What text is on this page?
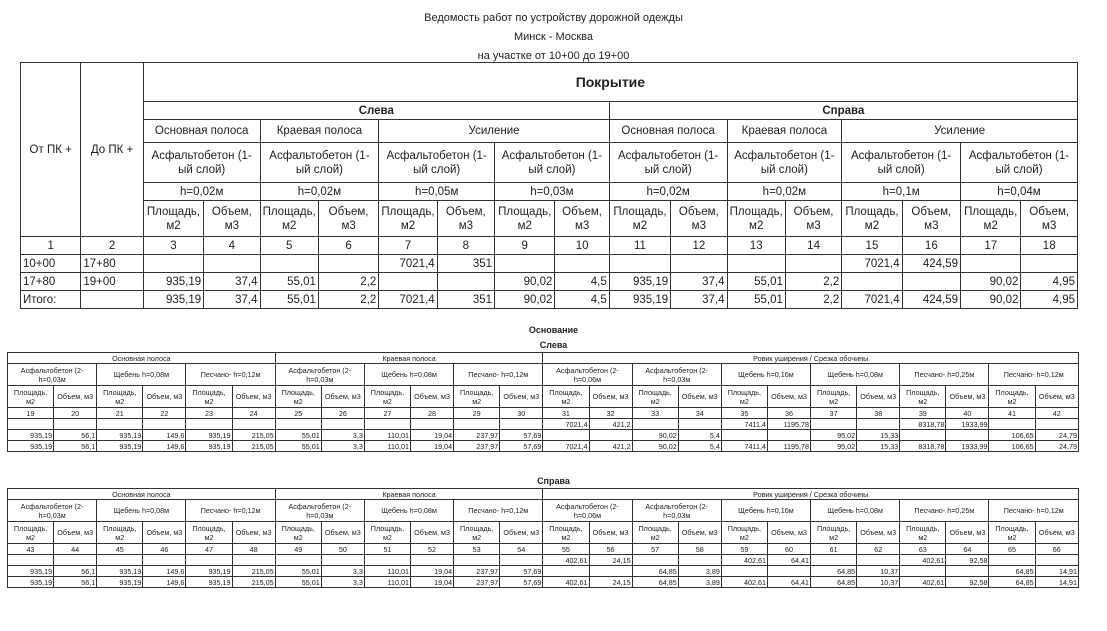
Ведомость работ по устройству дорожной одежды
Минск - Москва
на участке от 10+00 до 19+00
От ПК +	До ПК +	Покрытие															
		Слева								Справа							
		Основная полоса		Краевая полоса		Усиление				Основная полоса		Краевая полоса		Усиление			
		Асфальтобетон (1-ый слой)		Асфальтобетон (1-ый слой)		Асфальтобетон (1-ый слой)		Асфальтобетон (1-ый слой)		Асфальтобетон (1-ый слой)		Асфальтобетон (1-ый слой)		Асфальтобетон (1-ый слой)		Асфальтобетон (1-ый слой)	
		h=0,02м		h=0,02м		h=0,05м		h=0,03м		h=0,02м		h=0,02м		h=0,1м		h=0,04м	
		Площадь, м2	Объем, м3	Площадь, м2	Объем, м3	Площадь, м2	Объем, м3	Площадь, м2	Объем, м3	Площадь, м2	Объем, м3	Площадь, м2	Объем, м3	Площадь, м2	Объем, м3	Площадь, м2	Объем, м3
1	2	3	4	5	6	7	8	9	10	11	12	13	14	15	16	17	18
10+00	17+80					7021,4	351							7021,4	424,59		
17+80	19+00	935,19	37,4	55,01	2,2			90,02	4,5	935,19	37,4	55,01	2,2			90,02	4,95
Итого:		935,19	37,4	55,01	2,2	7021,4	351	90,02	4,5	935,19	37,4	55,01	2,2	7021,4	424,59	90,02	4,95
Основание
Слева
Основная полоса						Краевая полоса						Ровик уширения / Срезка обочины											
Асфальтобетон (2-h=0,03м		Щебень h=0,08м		Песчано- h=0,12м		Асфальтобетон (2- h=0,03м		Щебень h=0,08м		Песчано- h=0,12м		Асфальтобетон (2- h=0,06м		Асфальтобетон (2- h=0,03м		Щебень h=0,16м		Щебень h=0,08м		Песчано- h=0,25м		Песчано- h=0,12м	
Площадь, м2	Объем, м3	Площадь, м2	Объем, м3	Площадь, м2	Объем, м3	Площадь, м2	Объем, м3	Площадь, м2	Объем, м3	Площадь, м2	Объем, м3	Площадь, м2	Объем, м3	Площадь, м2	Объем, м3	Площадь, м2	Объем, м3	Площадь, м2	Объем, м3	Площадь, м2	Объем, м3	Площадь, м2	Объем, м3
19	20	21	22	23	24	25	26	27	28	29	30	31	32	33	34	35	36	37	38	39	40	41	42
												7021,4	421,2			7411,4	1195,78			8318,78	1933,99		
935,19	56,1	935,19	149,6	935,19	215,05	55,01	3,3	110,01	19,04	237,97	57,69			90,02	5,4			95,02	15,33			106,65	24,79
935,19	56,1	935,19	149,6	935,19	215,05	55,01	3,3	110,01	19,04	237,97	57,69	7021,4	421,2	90,02	5,4	7411,4	1195,78	95,02	15,33	8318,78	1933,99	106,65	24,79
Справа
Основная полоса						Краевая полоса						Ровик уширения / Срезка обочины											
Асфальтобетон (2-h=0,03м		Щебень h=0,08м		Песчано- h=0,12м		Асфальтобетон (2- h=0,03м		Щебень h=0,08м		Песчано- h=0,12м		Асфальтобетон (2- h=0,06м		Асфальтобетон (2- h=0,03м		Щебень h=0,16м		Щебень h=0,08м		Песчано- h=0,25м		Песчано- h=0,12м	
Площадь, м2	Объем, м3	Площадь, м2	Объем, м3	Площадь, м2	Объем, м3	Площадь, м2	Объем, м3	Площадь, м2	Объем, м3	Площадь, м2	Объем, м3	Площадь, м2	Объем, м3	Площадь, м2	Объем, м3	Площадь, м2	Объем, м3	Площадь, м2	Объем, м3	Площадь, м2	Объем, м3	Площадь, м2	Объем, м3
43	44	45	46	47	48	49	50	51	52	53	54	55	56	57	58	59	60	61	62	63	64	65	66
												402,61	24,15			402,61	64,41			402,61	92,58		
935,19	56,1	935,19	149,6	935,19	215,05	55,01	3,3	110,01	19,04	237,97	57,69			64,85	3,89			64,85	10,37			64,85	14,91
935,19	56,1	935,19	149,6	935,19	215,05	55,01	3,3	110,01	19,04	237,97	57,69	402,61	24,15	64,85	3,89	402,61	64,41	64,85	10,37	402,61	92,58	64,85	14,91
